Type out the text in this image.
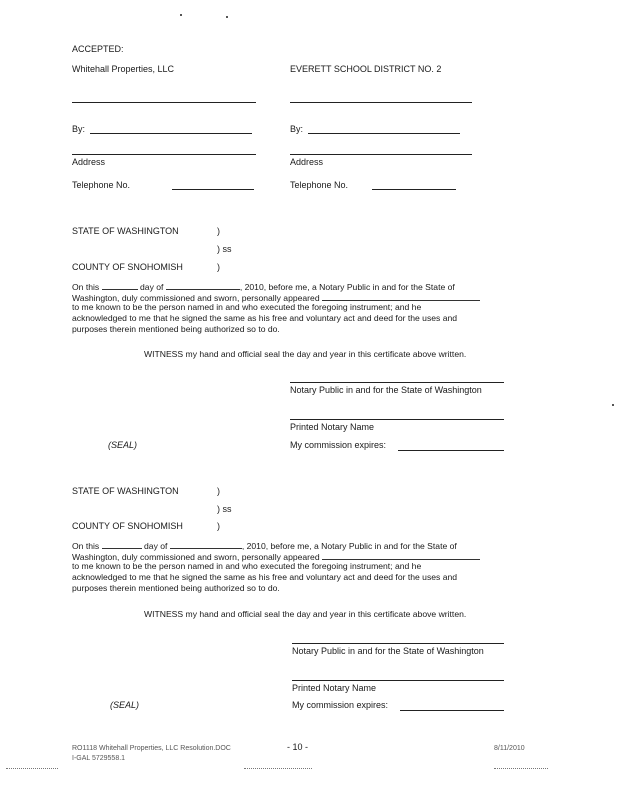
ACCEPTED:
Whitehall Properties, LLC	EVERETT SCHOOL DISTRICT NO. 2
By:	By:
Address	Address
Telephone No.	Telephone No.
STATE OF WASHINGTON	)
) ss
COUNTY OF SNOHOMISH	)
On this	day of	, 2010, before me, a Notary Public in and for the State of
Washington, duly commissioned and sworn, personally appeared
to me known to be the person named in and who executed the foregoing instrument; and he
acknowledged to me that he signed the same as his free and voluntary act and deed for the uses and
purposes therein mentioned being authorized so to do.
WITNESS my hand and official seal the day and year in this certificate above written.
Notary Public in and for the State of Washington
Printed Notary Name
(SEAL)	My commission expires:
STATE OF WASHINGTON	)
) ss
COUNTY OF SNOHOMISH	)
On this	day of	, 2010, before me, a Notary Public in and for the State of
Washington, duly commissioned and sworn, personally appeared
to me known to be the person named in and who executed the foregoing instrument; and he
acknowledged to me that he signed the same as his free and voluntary act and deed for the uses and
purposes therein mentioned being authorized so to do.
WITNESS my hand and official seal the day and year in this certificate above written.
Notary Public in and for the State of Washington
Printed Notary Name
(SEAL)	My commission expires:
RO1118 Whitehall Properties, LLC Resolution.DOC
I-GAL 5729558.1
- 10 -	8/11/2010
